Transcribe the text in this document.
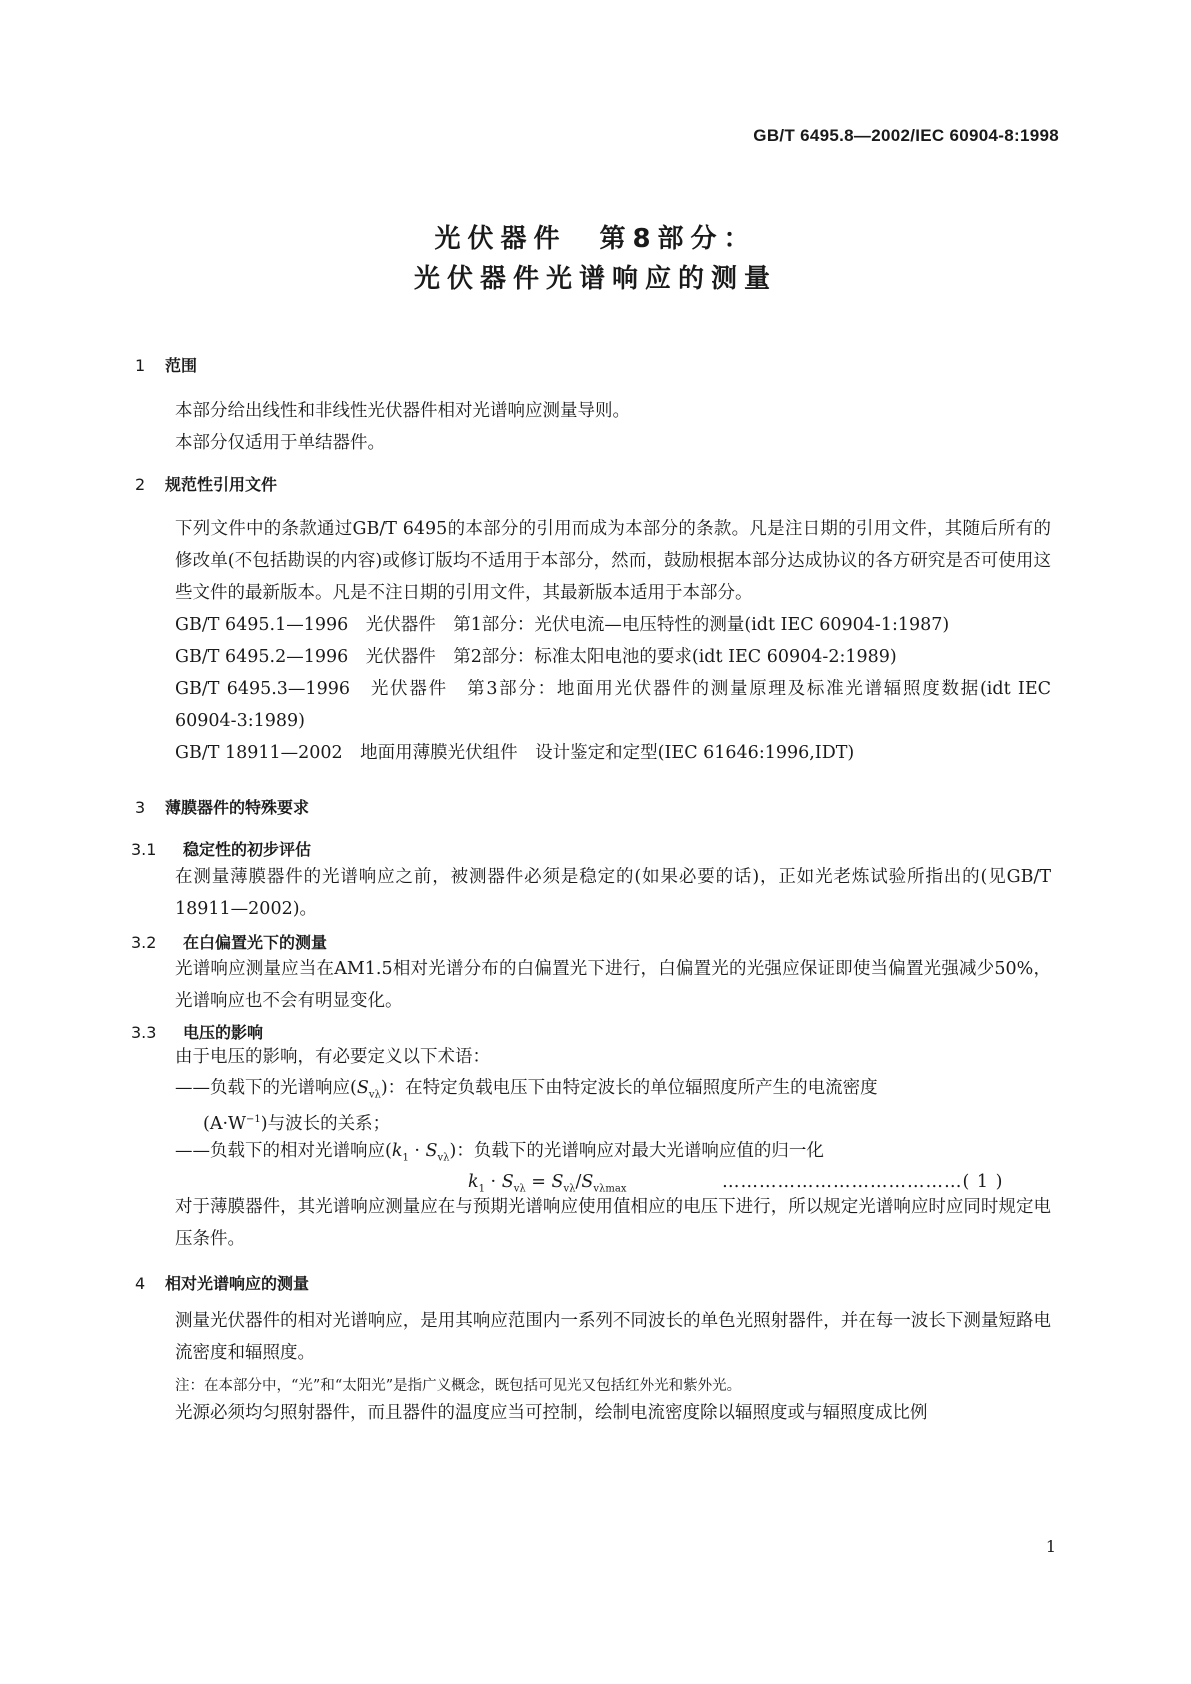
GB/T 6495.8—2002/IEC 60904-8:1998
光伏器件　第8部分：
光伏器件光谱响应的测量
1 范围
本部分给出线性和非线性光伏器件相对光谱响应测量导则。
本部分仅适用于单结器件。
2 规范性引用文件
下列文件中的条款通过GB/T 6495的本部分的引用而成为本部分的条款。凡是注日期的引用文件，其随后所有的修改单(不包括勘误的内容)或修订版均不适用于本部分，然而，鼓励根据本部分达成协议的各方研究是否可使用这些文件的最新版本。凡是不注日期的引用文件，其最新版本适用于本部分。
GB/T 6495.1—1996　光伏器件　第1部分：光伏电流—电压特性的测量(idt IEC 60904-1:1987)
GB/T 6495.2—1996　光伏器件　第2部分：标准太阳电池的要求(idt IEC 60904-2:1989)
GB/T 6495.3—1996　光伏器件　第3部分：地面用光伏器件的测量原理及标准光谱辐照度数据(idt IEC 60904-3:1989)
GB/T 18911—2002　地面用薄膜光伏组件　设计鉴定和定型(IEC 61646:1996,IDT)
3 薄膜器件的特殊要求
3.1 稳定性的初步评估
在测量薄膜器件的光谱响应之前，被测器件必须是稳定的(如果必要的话)，正如光老炼试验所指出的(见GB/T 18911—2002)。
3.2 在白偏置光下的测量
光谱响应测量应当在AM1.5相对光谱分布的白偏置光下进行，白偏置光的光强应保证即使当偏置光强减少50%，光谱响应也不会有明显变化。
3.3 电压的影响
由于电压的影响，有必要定义以下术语：
——负载下的光谱响应$(S_{v\lambda})$：在特定负载电压下由特定波长的单位辐照度所产生的电流密度
$(A\cdot W^{-1})$与波长的关系；
——负载下的相对光谱响应$(k_1 \cdot S_{v\lambda})$：负载下的光谱响应对最大光谱响应值的归一化
$k_1 \cdot S_{v\lambda} = S_{v\lambda}/S_{v\lambda max}$	…………………………………( 1 )
对于薄膜器件，其光谱响应测量应在与预期光谱响应使用值相应的电压下进行，所以规定光谱响应时应同时规定电压条件。
4 相对光谱响应的测量
测量光伏器件的相对光谱响应，是用其响应范围内一系列不同波长的单色光照射器件，并在每一波长下测量短路电流密度和辐照度。
注：在本部分中，“光”和“太阳光”是指广义概念，既包括可见光又包括红外光和紫外光。
光源必须均匀照射器件，而且器件的温度应当可控制，绘制电流密度除以辐照度或与辐照度成比例
1
